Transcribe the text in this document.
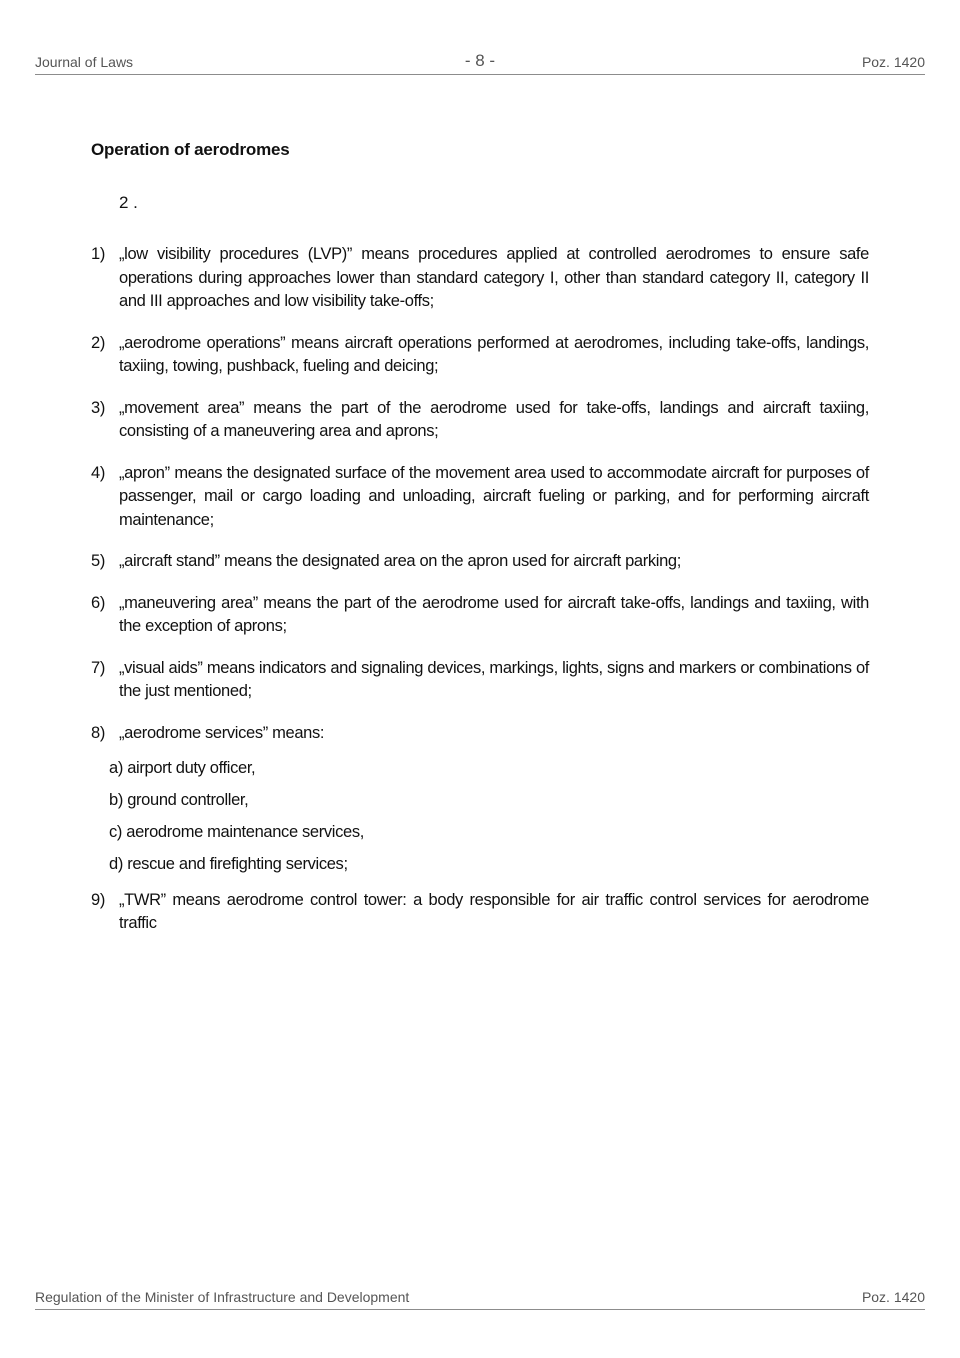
Journal of Laws	- 8 -	Poz. 1420
Operation of aerodromes
2 .
1) „low visibility procedures (LVP)” means procedures applied at controlled aerodromes to ensure safe operations during approaches lower than standard category I, other than standard category II, category II and III approaches and low visibility take-offs;
2) „aerodrome operations” means aircraft operations performed at aerodromes, including take-offs, landings, taxiing, towing, pushback, fueling and deicing;
3) „movement area” means the part of the aerodrome used for take-offs, landings and aircraft taxiing, consisting of a maneuvering area and aprons;
4) „apron” means the designated surface of the movement area used to accommodate aircraft for purposes of passenger, mail or cargo loading and unloading, aircraft fueling or parking, and for performing aircraft maintenance;
5) „aircraft stand” means the designated area on the apron used for aircraft parking;
6) „maneuvering area” means the part of the aerodrome used for aircraft take-offs, landings and taxiing, with the exception of aprons;
7) „visual aids” means indicators and signaling devices, markings, lights, signs and markers or combinations of the just mentioned;
8) „aerodrome services” means:
a) airport duty officer,
b) ground controller,
c) aerodrome maintenance services,
d) rescue and firefighting services;
9) „TWR” means aerodrome control tower: a body responsible for air traffic control services for aerodrome traffic
Regulation of the Minister of Infrastructure and Development	Poz. 1420
